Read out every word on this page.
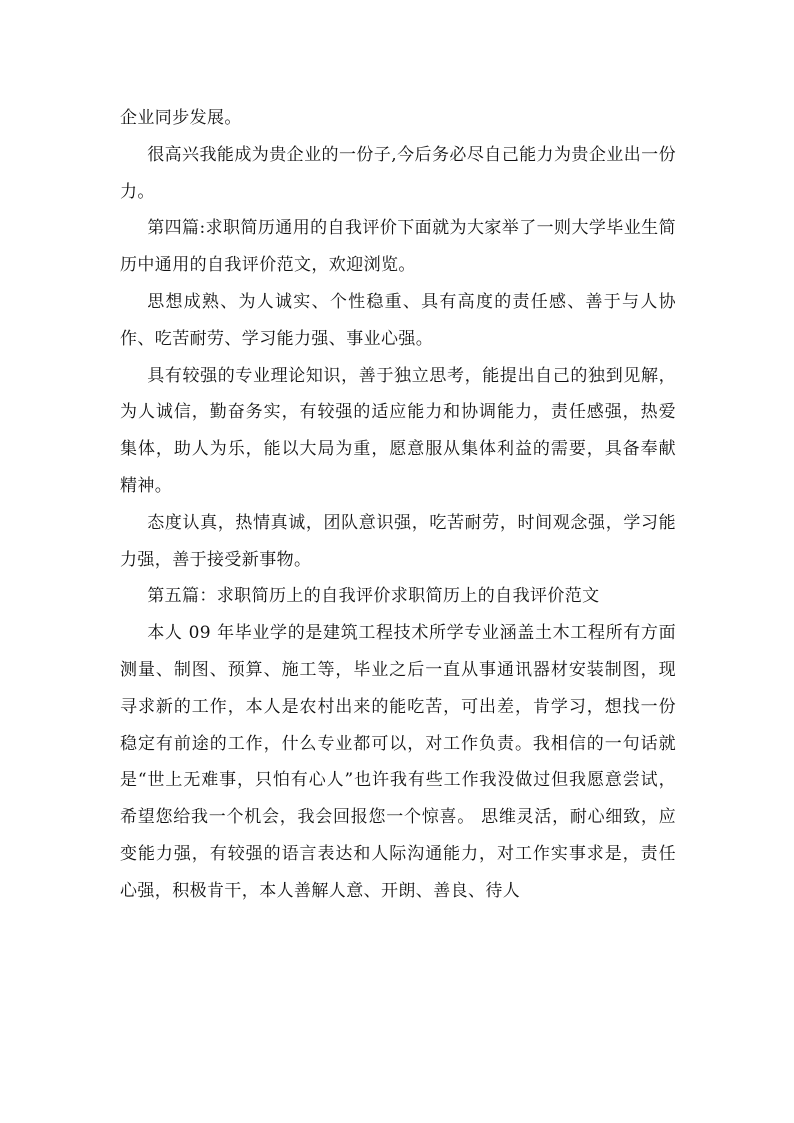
企业同步发展。

很高兴我能成为贵企业的一份子,今后务必尽自己能力为贵企业出一份力。

第四篇:求职简历通用的自我评价下面就为大家举了一则大学毕业生简历中通用的自我评价范文，欢迎浏览。

思想成熟、为人诚实、个性稳重、具有高度的责任感、善于与人协作、吃苦耐劳、学习能力强、事业心强。

具有较强的专业理论知识，善于独立思考，能提出自己的独到见解，为人诚信，勤奋务实，有较强的适应能力和协调能力，责任感强，热爱集体，助人为乐，能以大局为重，愿意服从集体利益的需要，具备奉献精神。

态度认真，热情真诚，团队意识强，吃苦耐劳，时间观念强，学习能力强，善于接受新事物。

第五篇：求职简历上的自我评价求职简历上的自我评价范文

本人 09 年毕业学的是建筑工程技术所学专业涵盖土木工程所有方面测量、制图、预算、施工等，毕业之后一直从事通讯器材安装制图，现寻求新的工作，本人是农村出来的能吃苦，可出差，肯学习，想找一份稳定有前途的工作，什么专业都可以，对工作负责。我相信的一句话就是“世上无难事，只怕有心人”也许我有些工作我没做过但我愿意尝试，希望您给我一个机会，我会回报您一个惊喜。 思维灵活，耐心细致，应变能力强，有较强的语言表达和人际沟通能力，对工作实事求是，责任心强，积极肯干，本人善解人意、开朗、善良、待人
